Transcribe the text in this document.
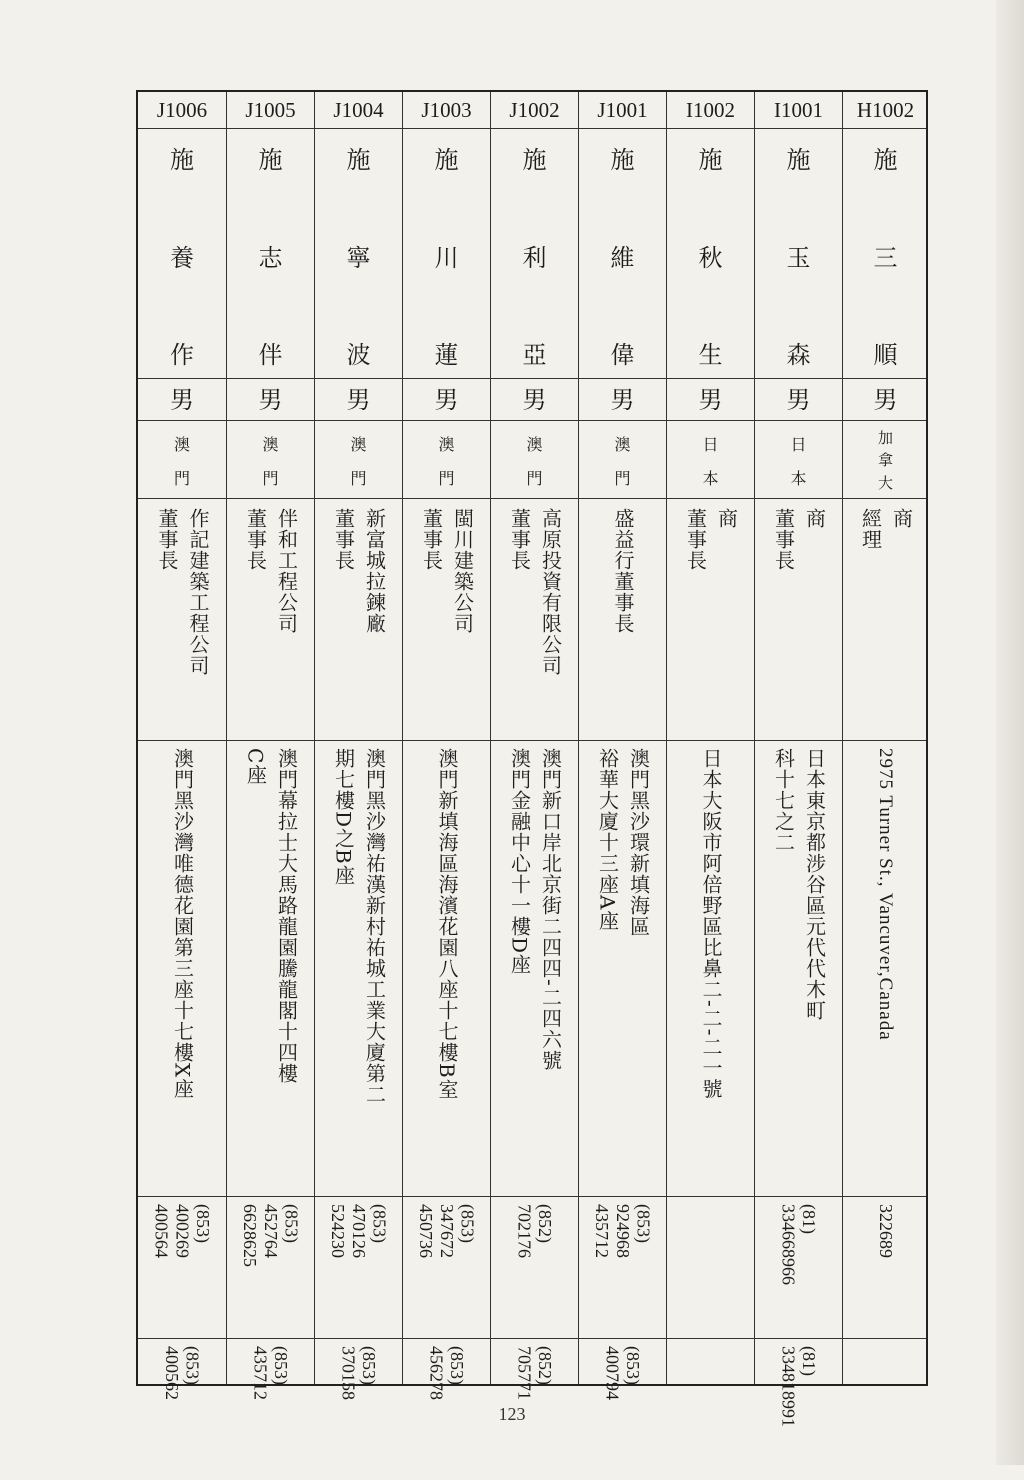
J1006
施
養
作
男
澳
門
作記建築工程公司
董事長
澳門黑沙灣唯德花園第三座十七樓X座
(853)
400269
400564
(853)
400562
J1005
施
志
伴
男
澳
門
伴和工程公司
董事長
澳門幕拉士大馬路龍園騰龍閣十四樓
C座
(853)
452764
6628625
(853)
435712
J1004
施
寧
波
男
澳
門
新富城拉鍊廠
董事長
澳門黑沙灣祐漢新村祐城工業大廈第二
期七樓D之B座
(853)
470126
524230
(853)
370158
J1003
施
川
蓮
男
澳
門
閩川建築公司
董事長
澳門新填海區海濱花園八座十七樓B室
(853)
347672
450736
(853)
456278
J1002
施
利
亞
男
澳
門
高原投資有限公司
董事長
澳門新口岸北京街二四四-二四六號
澳門金融中心十一樓D座
(852)
702176
(852)
705771
J1001
施
維
偉
男
澳
門
盛益行董事長
澳門黑沙環新填海區
裕華大廈十三座A座
(853)
924968
435712
(853)
400794
I1002
施
秋
生
男
日
本
商
董事長
日本大阪市阿倍野區比鼻二-二-二一號
I1001
施
玉
森
男
日
本
商
董事長
日本東京都涉谷區元代代木町
科十七之二
(81)
334668966
(81)
334818991
H1002
施
三
順
男
加
拿
大
商
經理
2975 Turner St., Vancuver,Canada
322689
123
